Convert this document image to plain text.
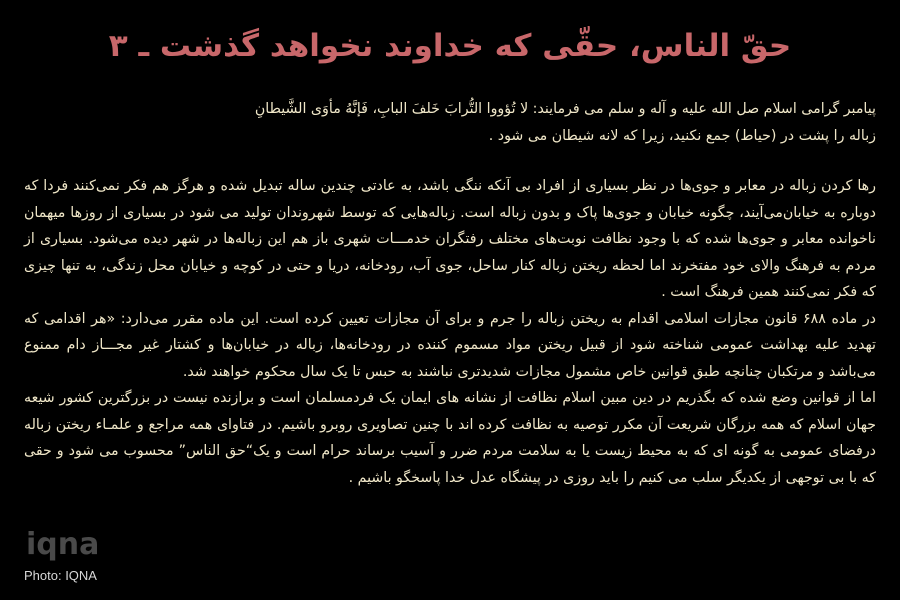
حقّ الناس، حقّی که خداوند نخواهد گذشت ـ ۳

پیامبر گرامی اسلام صل الله علیه و آله و سلم می فرمایند: لا تُؤووا التُّرابَ خَلفَ البابِ، فَإنَّهُ مأوَی الشَّیطانِ

زباله را پشت در (حیاط) جمع نکنید، زیرا که لانه شیطان می شود .

رها کردن زباله در معابر و جوی‌ها در نظر بسیاری از افراد بی آنکه ننگی باشد، به عادتی چندین ساله تبدیل شده و هرگز هم فکر نمی‌کنند فردا که دوباره به خیابان‌می‌آیند، چگونه خیابان و جوی‌ها پاک و بدون زباله است. زباله‌هایی که توسط شهروندان تولید می شود در بسیاری از روزها میهمان ناخوانده معابر و جوی‌ها شده که با وجود نظافت نوبت‌های مختلف رفتگران خدمـــات شهری باز هم این زباله‌ها در شهر دیده می‌شود. بسیاری از مردم به فرهنگ والای خود مفتخرند اما لحظه ریختن زباله کنار ساحل، جوی آب، رودخانه، دریا و حتی در کوچه و خیابان محل زندگی، به تنها چیزی که فکر نمی‌کنند همین فرهنگ است .

در ماده ۶۸۸ قانون مجازات اسلامی اقدام به ریختن زباله را جرم و برای آن مجازات تعیین کرده است. این ماده مقرر می‌دارد: «هر اقدامی که تهدید علیه بهداشت عمومی شناخته شود از قبیل ریختن مواد مسموم کننده در رودخانه‌ها، زباله در خیابان‌ها و کشتار غیر مجـــاز دام ممنوع می‌باشد و مرتکبان چنانچه طبق قوانین خاص مشمول مجازات شدیدتری نباشند به حبس تا یک سال محکوم خواهند شد.

اما از قوانین وضع شده که بگذریم در دین مبین اسلام نظافت از نشانه های ایمان یک فردمسلمان است و برازنده نیست در بزرگترین کشور شیعه جهان اسلام که همه بزرگان شریعت آن مکرر توصیه به نظافت کرده اند با چنین تصاویری روبرو باشیم. در فتاوای همه مراجع و علمـاء ریختن زباله درفضای عمومی به گونه ای که به محیط زیست یا به سلامت مردم ضرر و آسیب برساند حرام است و یک“حق الناس” محسوب می شود و حقی که با بی توجهی از یکدیگر سلب می کنیم را باید روزی در پیشگاه عدل خدا پاسخگو باشیم .

iqna
Photo: IQNA
